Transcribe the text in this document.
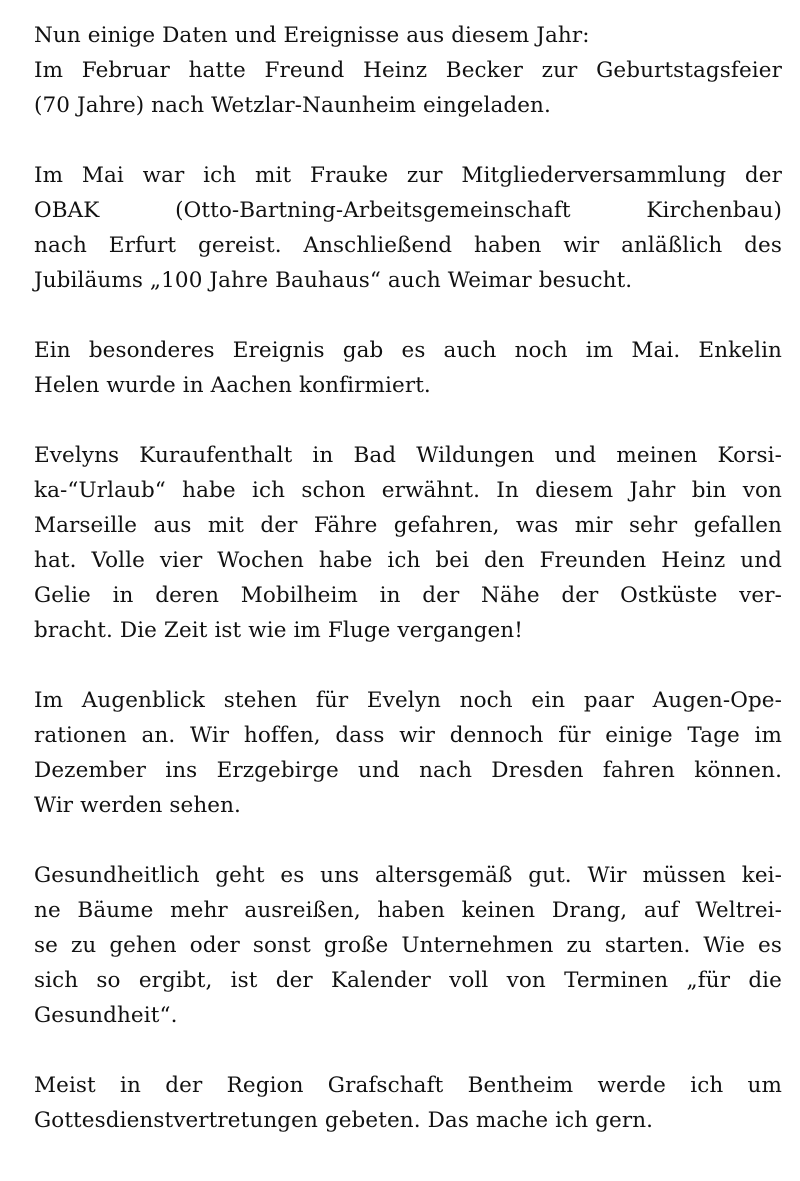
Nun einige Daten und Ereignisse aus diesem Jahr:
Im Februar hatte Freund Heinz Becker zur Geburtstagsfeier
(70 Jahre) nach Wetzlar-Naunheim eingeladen.
Im Mai war ich mit Frauke zur Mitgliederversammlung der
OBAK (Otto-Bartning-Arbeitsgemeinschaft Kirchenbau)
nach Erfurt gereist. Anschließend haben wir anläßlich des
Jubiläums „100 Jahre Bauhaus“ auch Weimar besucht.
Ein besonderes Ereignis gab es auch noch im Mai. Enkelin
Helen wurde in Aachen konfirmiert.
Evelyns Kuraufenthalt in Bad Wildungen und meinen Korsi-
ka-“Urlaub“ habe ich schon erwähnt. In diesem Jahr bin von
Marseille aus mit der Fähre gefahren, was mir sehr gefallen
hat. Volle vier Wochen habe ich bei den Freunden Heinz und
Gelie in deren Mobilheim in der Nähe der Ostküste ver-
bracht. Die Zeit ist wie im Fluge vergangen!
Im Augenblick stehen für Evelyn noch ein paar Augen-Ope-
rationen an. Wir hoffen, dass wir dennoch für einige Tage im
Dezember ins Erzgebirge und nach Dresden fahren können.
Wir werden sehen.
Gesundheitlich geht es uns altersgemäß gut. Wir müssen kei-
ne Bäume mehr ausreißen, haben keinen Drang, auf Weltrei-
se zu gehen oder sonst große Unternehmen zu starten. Wie es
sich so ergibt, ist der Kalender voll von Terminen „für die
Gesundheit“.
Meist in der Region Grafschaft Bentheim werde ich um
Gottesdienstvertretungen gebeten. Das mache ich gern.
